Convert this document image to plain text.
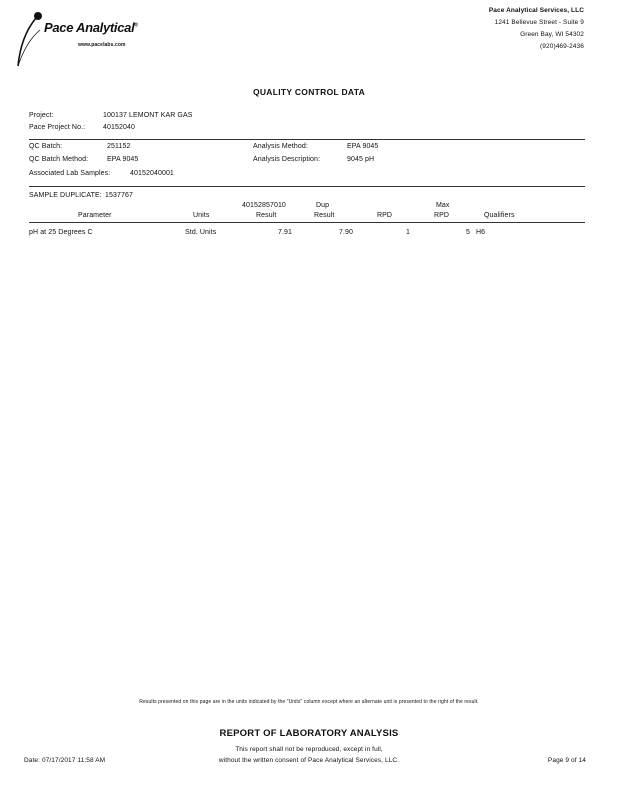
Pace Analytical®
www.pacelabs.com
Pace Analytical Services, LLC
1241 Bellevue Street - Suite 9
Green Bay, WI 54302
(920)469-2436
QUALITY CONTROL DATA
Project:	100137 LEMONT KAR GAS
Pace Project No.:	40152040
QC Batch:	251152	Analysis Method:	EPA 9045
QC Batch Method:	EPA 9045	Analysis Description:	9045 pH
Associated Lab Samples:	40152040001
SAMPLE DUPLICATE: 1537767
40152857010	Dup	Max
Parameter	Units	Result	Result	RPD	RPD	Qualifiers
pH at 25 Degrees C	Std. Units	7.91	7.90	1	5 H6
Results presented on this page are in the units indicated by the "Units" column except where an alternate unit is presented to the right of the result.
REPORT OF LABORATORY ANALYSIS
This report shall not be reproduced, except in full,
without the written consent of Pace Analytical Services, LLC.
Date: 07/17/2017 11:58 AM	Page 9 of 14
